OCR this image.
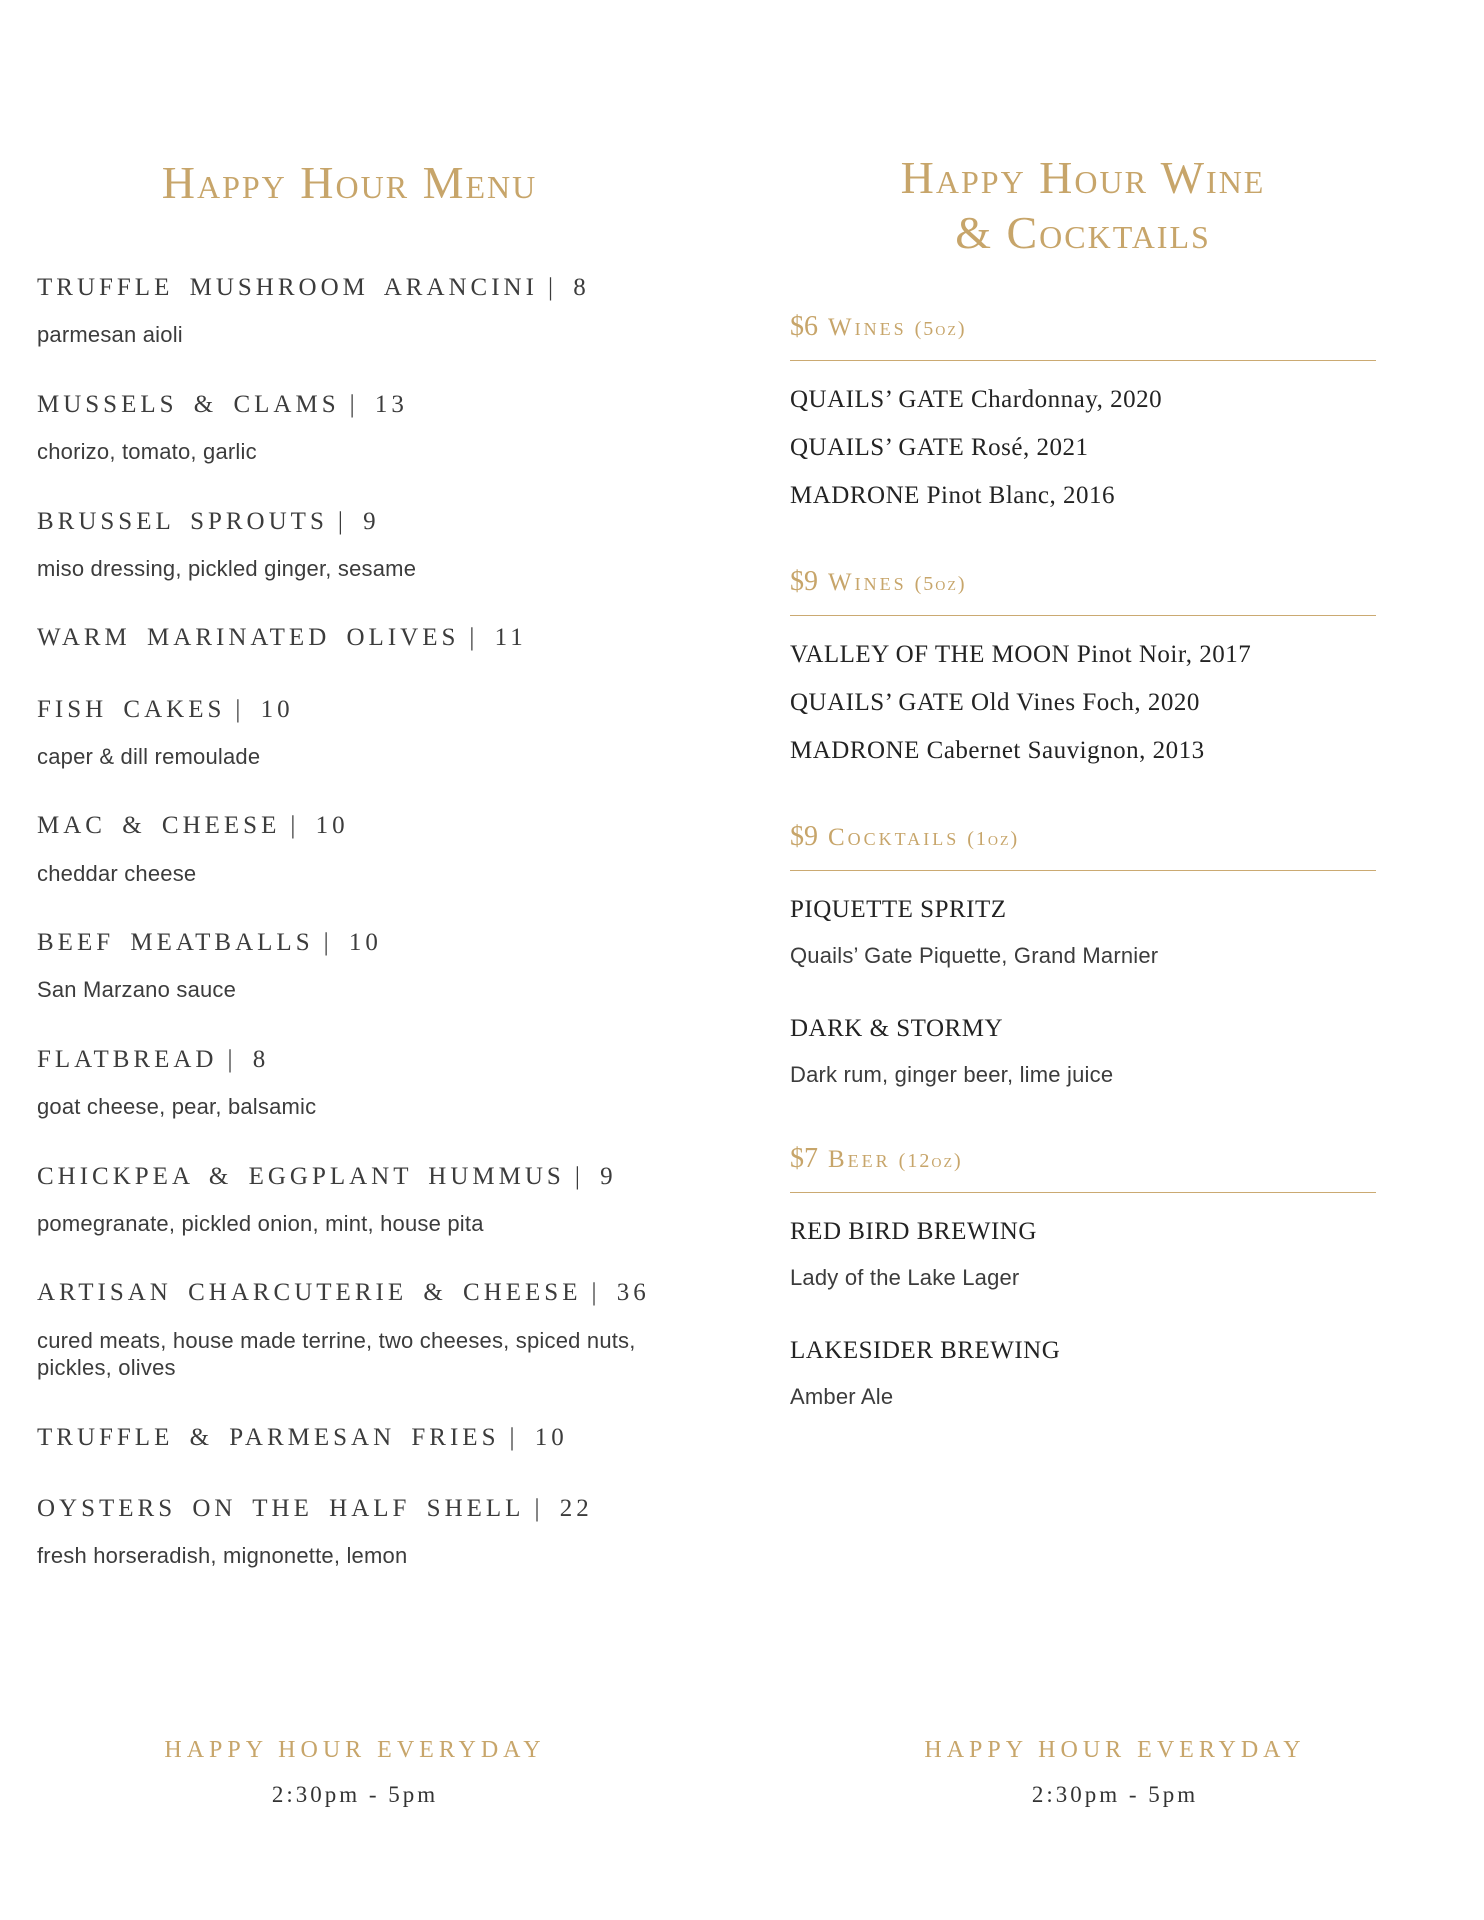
Happy Hour Menu
TRUFFLE MUSHROOM ARANCINI | 8
parmesan aioli
MUSSELS & CLAMS | 13
chorizo, tomato, garlic
BRUSSEL SPROUTS | 9
miso dressing, pickled ginger, sesame
WARM MARINATED OLIVES | 11
FISH CAKES | 10
caper & dill remoulade
MAC & CHEESE | 10
cheddar cheese
BEEF MEATBALLS | 10
San Marzano sauce
FLATBREAD | 8
goat cheese, pear, balsamic
CHICKPEA & EGGPLANT HUMMUS | 9
pomegranate, pickled onion, mint, house pita
ARTISAN CHARCUTERIE & CHEESE | 36
cured meats, house made terrine, two cheeses, spiced nuts, pickles, olives
TRUFFLE & PARMESAN FRIES | 10
OYSTERS ON THE HALF SHELL | 22
fresh horseradish, mignonette, lemon
Happy Hour Wine
& Cocktails
$6 Wines (5oz)
QUAILS’ GATE Chardonnay, 2020
QUAILS’ GATE Rosé, 2021
MADRONE Pinot Blanc, 2016
$9 Wines (5oz)
VALLEY OF THE MOON Pinot Noir, 2017
QUAILS’ GATE Old Vines Foch, 2020
MADRONE Cabernet Sauvignon, 2013
$9 Cocktails (1oz)
PIQUETTE SPRITZ
Quails’ Gate Piquette, Grand Marnier
DARK & STORMY
Dark rum, ginger beer, lime juice
$7 Beer (12oz)
RED BIRD BREWING
Lady of the Lake Lager
LAKESIDER BREWING
Amber Ale
HAPPY HOUR EVERYDAY
2:30pm - 5pm
HAPPY HOUR EVERYDAY
2:30pm - 5pm
